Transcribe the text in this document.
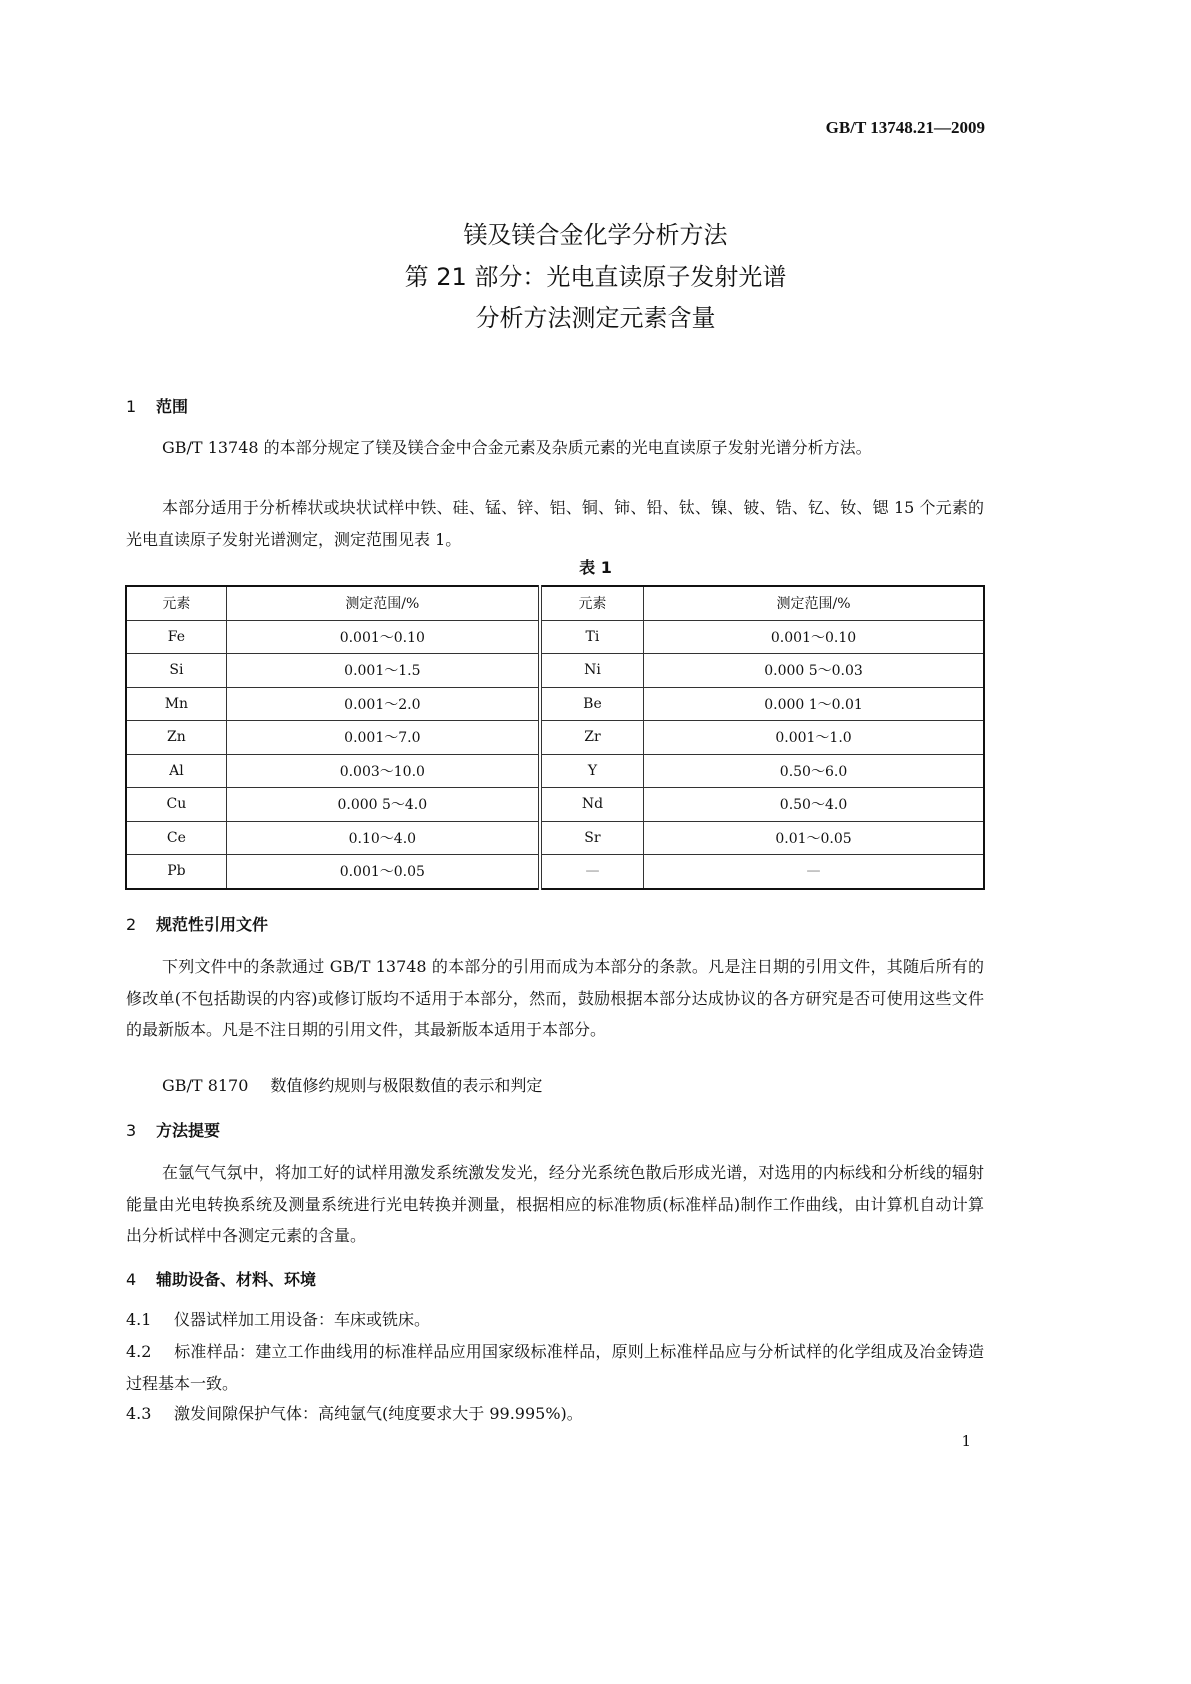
GB/T 13748.21—2009
镁及镁合金化学分析方法
第 21 部分：光电直读原子发射光谱
分析方法测定元素含量
1 范围
GB/T 13748 的本部分规定了镁及镁合金中合金元素及杂质元素的光电直读原子发射光谱分析方法。
本部分适用于分析棒状或块状试样中铁、硅、锰、锌、铝、铜、铈、铅、钛、镍、铍、锆、钇、钕、锶 15 个元素的光电直读原子发射光谱测定，测定范围见表 1。
表 1
元素	测定范围/%	元素	测定范围/%
Fe	0.001～0.10	Ti	0.001～0.10
Si	0.001～1.5	Ni	0.000 5～0.03
Mn	0.001～2.0	Be	0.000 1～0.01
Zn	0.001～7.0	Zr	0.001～1.0
Al	0.003～10.0	Y	0.50～6.0
Cu	0.000 5～4.0	Nd	0.50～4.0
Ce	0.10～4.0	Sr	0.01～0.05
Pb	0.001～0.05	—	—
2 规范性引用文件
下列文件中的条款通过 GB/T 13748 的本部分的引用而成为本部分的条款。凡是注日期的引用文件，其随后所有的修改单(不包括勘误的内容)或修订版均不适用于本部分，然而，鼓励根据本部分达成协议的各方研究是否可使用这些文件的最新版本。凡是不注日期的引用文件，其最新版本适用于本部分。
GB/T 8170 数值修约规则与极限数值的表示和判定
3 方法提要
在氩气气氛中，将加工好的试样用激发系统激发发光，经分光系统色散后形成光谱，对选用的内标线和分析线的辐射能量由光电转换系统及测量系统进行光电转换并测量，根据相应的标准物质(标准样品)制作工作曲线，由计算机自动计算出分析试样中各测定元素的含量。
4 辅助设备、材料、环境
4.1 仪器试样加工用设备：车床或铣床。
4.2 标准样品：建立工作曲线用的标准样品应用国家级标准样品，原则上标准样品应与分析试样的化学组成及冶金铸造过程基本一致。
4.3 激发间隙保护气体：高纯氩气(纯度要求大于 99.995%)。
1
